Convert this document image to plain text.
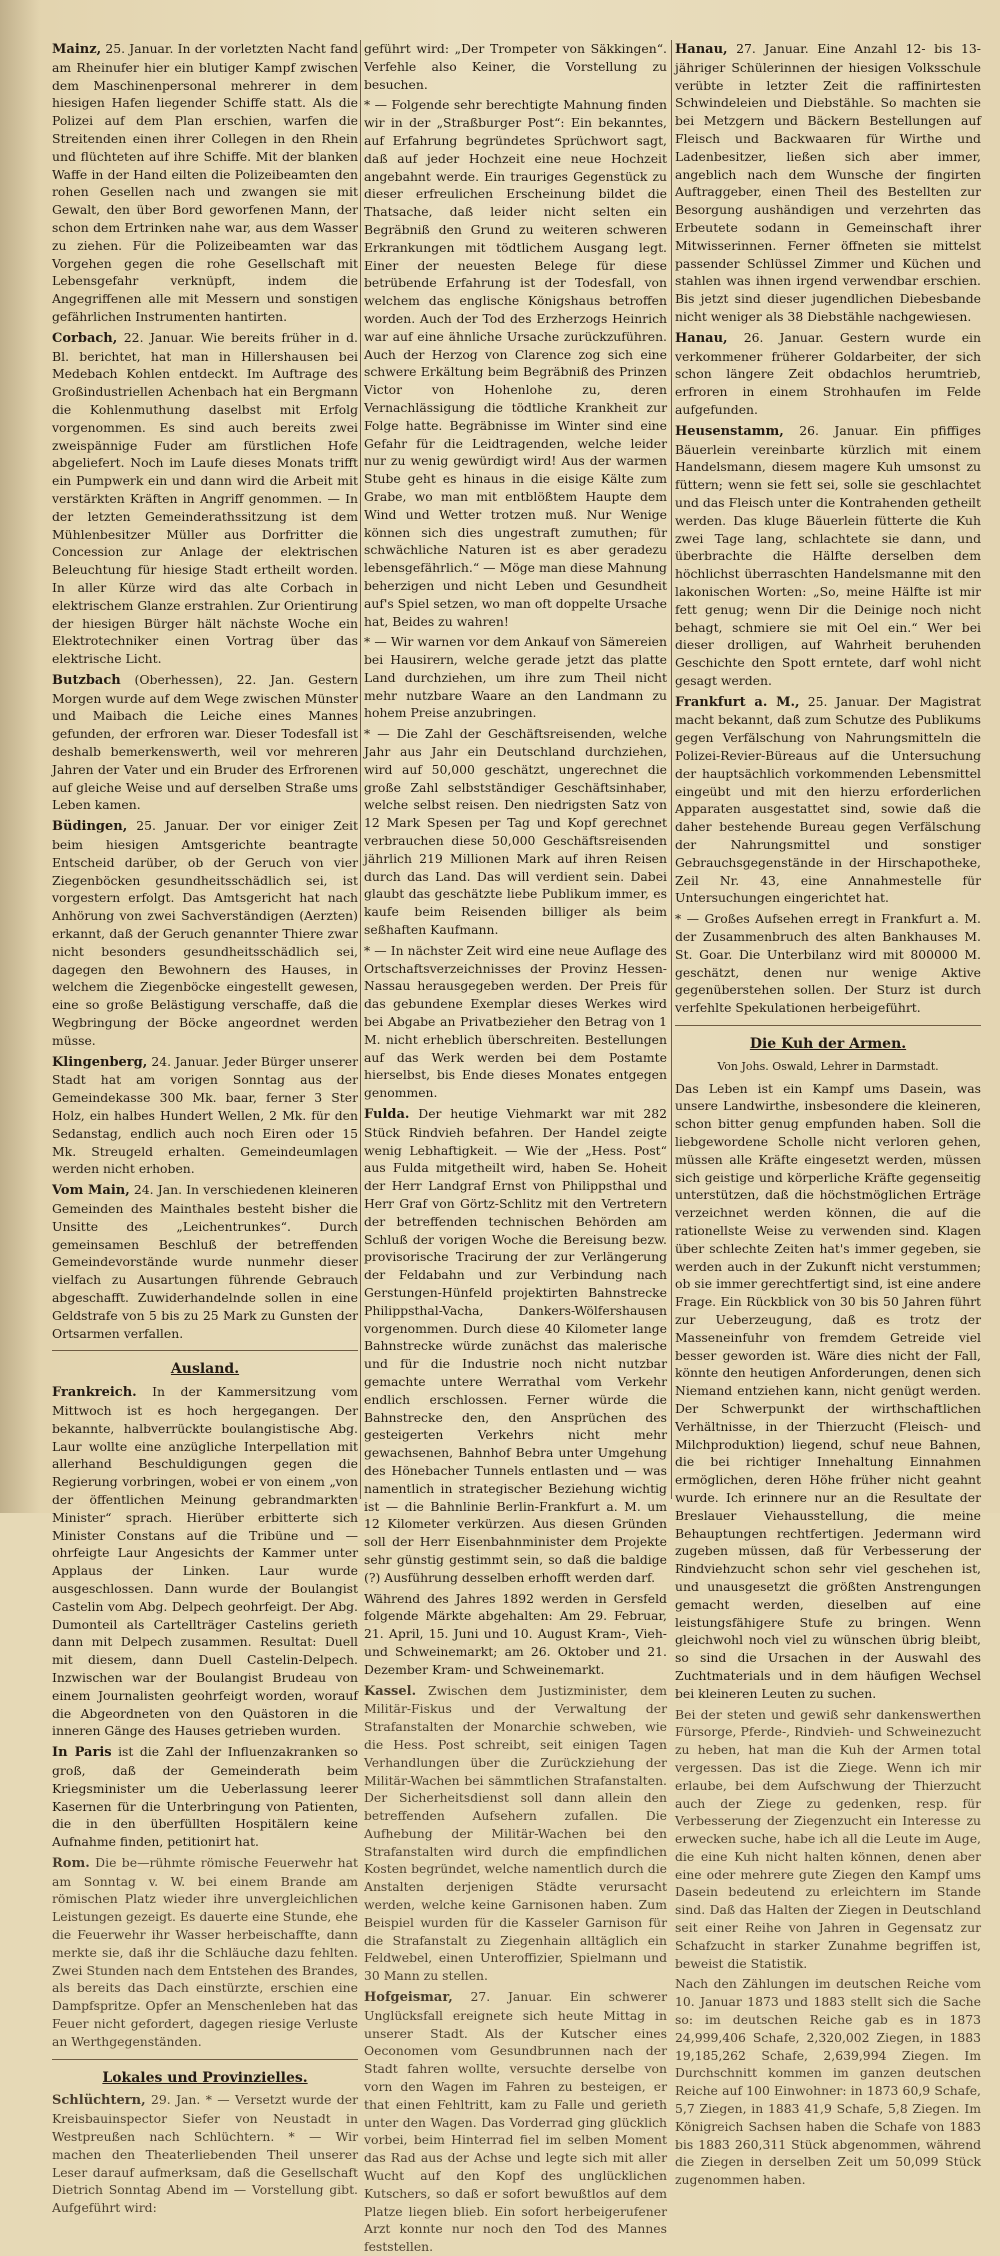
Mainz, 25. Januar. In der vorletzten Nacht fand am Rheinufer hier ein blutiger Kampf zwischen dem Maschinenpersonal mehrerer in dem hiesigen Hafen liegender Schiffe statt. Als die Polizei auf dem Plan erschien, warfen die Streitenden einen ihrer Collegen in den Rhein und flüchteten auf ihre Schiffe. Mit der blanken Waffe in der Hand eilten die Polizeibeamten den rohen Gesellen nach und zwangen sie mit Gewalt, den über Bord geworfenen Mann, der schon dem Ertrinken nahe war, aus dem Wasser zu ziehen. Für die Polizeibeamten war das Vorgehen gegen die rohe Gesellschaft mit Lebensgefahr verknüpft, indem die Angegriffenen alle mit Messern und sonstigen gefährlichen Instrumenten hantirten.

Corbach, 22. Januar. Wie bereits früher in d. Bl. berichtet, hat man in Hillershausen bei Medebach Kohlen entdeckt. Im Auftrage des Großindustriellen Achenbach hat ein Bergmann die Kohlenmuthung daselbst mit Erfolg vorgenommen. Es sind auch bereits zwei zweispännige Fuder am fürstlichen Hofe abgeliefert. Noch im Laufe dieses Monats trifft ein Pumpwerk ein und dann wird die Arbeit mit verstärkten Kräften in Angriff genommen. — In der letzten Gemeinderathssitzung ist dem Mühlenbesitzer Müller aus Dorfritter die Concession zur Anlage der elektrischen Beleuchtung für hiesige Stadt ertheilt worden. In aller Kürze wird das alte Corbach in elektrischem Glanze erstrahlen. Zur Orientirung der hiesigen Bürger hält nächste Woche ein Elektrotechniker einen Vortrag über das elektrische Licht.

Butzbach (Oberhessen), 22. Jan. Gestern Morgen wurde auf dem Wege zwischen Münster und Maibach die Leiche eines Mannes gefunden, der erfroren war. Dieser Todesfall ist deshalb bemerkenswerth, weil vor mehreren Jahren der Vater und ein Bruder des Erfrorenen auf gleiche Weise und auf derselben Straße ums Leben kamen.

Büdingen, 25. Januar. Der vor einiger Zeit beim hiesigen Amtsgerichte beantragte Entscheid darüber, ob der Geruch von vier Ziegenböcken gesundheitsschädlich sei, ist vorgestern erfolgt. Das Amtsgericht hat nach Anhörung von zwei Sachverständigen (Aerzten) erkannt, daß der Geruch genannter Thiere zwar nicht besonders gesundheitsschädlich sei, dagegen den Bewohnern des Hauses, in welchem die Ziegenböcke eingestellt gewesen, eine so große Belästigung verschaffe, daß die Wegbringung der Böcke angeordnet werden müsse.

Klingenberg, 24. Januar. Jeder Bürger unserer Stadt hat am vorigen Sonntag aus der Gemeindekasse 300 Mk. baar, ferner 3 Ster Holz, ein halbes Hundert Wellen, 2 Mk. für den Sedanstag, endlich auch noch Eiren oder 15 Mk. Streugeld erhalten. Gemeindeumlagen werden nicht erhoben.

Vom Main, 24. Jan. In verschiedenen kleineren Gemeinden des Mainthales besteht bisher die Unsitte des „Leichentrunkes“. Durch gemeinsamen Beschluß der betreffenden Gemeindevorstände wurde nunmehr dieser vielfach zu Ausartungen führende Gebrauch abgeschafft. Zuwiderhandelnde sollen in eine Geldstrafe von 5 bis zu 25 Mark zu Gunsten der Ortsarmen verfallen.

Ausland.

Frankreich. In der Kammersitzung vom Mittwoch ist es hoch hergegangen. Der bekannte, halbverrückte boulangistische Abg. Laur wollte eine anzügliche Interpellation mit allerhand Beschuldigungen gegen die Regierung vorbringen, wobei er von einem „von der öffentlichen Meinung gebrandmarkten Minister“ sprach. Hierüber erbitterte sich Minister Constans auf die Tribüne und — ohrfeigte Laur Angesichts der Kammer unter Applaus der Linken. Laur wurde ausgeschlossen. Dann wurde der Boulangist Castelin vom Abg. Delpech geohrfeigt. Der Abg. Dumonteil als Cartellträger Castelins gerieth dann mit Delpech zusammen. Resultat: Duell mit diesem, dann Duell Castelin-Delpech. Inzwischen war der Boulangist Brudeau von einem Journalisten geohrfeigt worden, worauf die Abgeordneten von den Quästoren in die inneren Gänge des Hauses getrieben wurden.

In Paris ist die Zahl der Influenzakranken so groß, daß der Gemeinderath beim Kriegsminister um die Ueberlassung leerer Kasernen für die Unterbringung von Patienten, die in den überfüllten Hospitälern keine Aufnahme finden, petitionirt hat.

Rom. Die be—rühmte römische Feuerwehr hat am Sonntag v. W. bei einem Brande am römischen Platz wieder ihre unvergleichlichen Leistungen gezeigt. Es dauerte eine Stunde, ehe die Feuerwehr ihr Wasser herbeischaffte, dann merkte sie, daß ihr die Schläuche dazu fehlten. Zwei Stunden nach dem Entstehen des Brandes, als bereits das Dach einstürzte, erschien eine Dampfspritze. Opfer an Menschenleben hat das Feuer nicht gefordert, dagegen riesige Verluste an Werthgegenständen.

Lokales und Provinzielles.

Schlüchtern, 29. Jan. * — Versetzt wurde der Kreisbauinspector Siefer von Neustadt in Westpreußen nach Schlüchtern. * — Wir machen den Theaterliebenden Theil unserer Leser darauf aufmerksam, daß die Gesellschaft Dietrich Sonntag Abend im — Vorstellung gibt. Aufgeführt wird:

geführt wird: „Der Trompeter von Säkkingen“. Verfehle also Keiner, die Vorstellung zu besuchen.

* — Folgende sehr berechtigte Mahnung finden wir in der „Straßburger Post“: Ein bekanntes, auf Erfahrung begründetes Sprüchwort sagt, daß auf jeder Hochzeit eine neue Hochzeit angebahnt werde. Ein trauriges Gegenstück zu dieser erfreulichen Erscheinung bildet die Thatsache, daß leider nicht selten ein Begräbniß den Grund zu weiteren schweren Erkrankungen mit tödtlichem Ausgang legt. Einer der neuesten Belege für diese betrübende Erfahrung ist der Todesfall, von welchem das englische Königshaus betroffen worden. Auch der Tod des Erzherzogs Heinrich war auf eine ähnliche Ursache zurückzuführen. Auch der Herzog von Clarence zog sich eine schwere Erkältung beim Begräbniß des Prinzen Victor von Hohenlohe zu, deren Vernachlässigung die tödtliche Krankheit zur Folge hatte. Begräbnisse im Winter sind eine Gefahr für die Leidtragenden, welche leider nur zu wenig gewürdigt wird! Aus der warmen Stube geht es hinaus in die eisige Kälte zum Grabe, wo man mit entblößtem Haupte dem Wind und Wetter trotzen muß. Nur Wenige können sich dies ungestraft zumuthen; für schwächliche Naturen ist es aber geradezu lebensgefährlich.“ — Möge man diese Mahnung beherzigen und nicht Leben und Gesundheit auf's Spiel setzen, wo man oft doppelte Ursache hat, Beides zu wahren!

* — Wir warnen vor dem Ankauf von Sämereien bei Hausirern, welche gerade jetzt das platte Land durchziehen, um ihre zum Theil nicht mehr nutzbare Waare an den Landmann zu hohem Preise anzubringen.

* — Die Zahl der Geschäftsreisenden, welche Jahr aus Jahr ein Deutschland durchziehen, wird auf 50,000 geschätzt, ungerechnet die große Zahl selbstständiger Geschäftsinhaber, welche selbst reisen. Den niedrigsten Satz von 12 Mark Spesen per Tag und Kopf gerechnet verbrauchen diese 50,000 Geschäftsreisenden jährlich 219 Millionen Mark auf ihren Reisen durch das Land. Das will verdient sein. Dabei glaubt das geschätzte liebe Publikum immer, es kaufe beim Reisenden billiger als beim seßhaften Kaufmann.

* — In nächster Zeit wird eine neue Auflage des Ortschaftsverzeichnisses der Provinz Hessen-Nassau herausgegeben werden. Der Preis für das gebundene Exemplar dieses Werkes wird bei Abgabe an Privatbezieher den Betrag von 1 M. nicht erheblich überschreiten. Bestellungen auf das Werk werden bei dem Postamte hierselbst, bis Ende dieses Monates entgegen genommen.

Fulda. Der heutige Viehmarkt war mit 282 Stück Rindvieh befahren. Der Handel zeigte wenig Lebhaftigkeit. — Wie der „Hess. Post“ aus Fulda mitgetheilt wird, haben Se. Hoheit der Herr Landgraf Ernst von Philippsthal und Herr Graf von Görtz-Schlitz mit den Vertretern der betreffenden technischen Behörden am Schluß der vorigen Woche die Bereisung bezw. provisorische Tracirung der zur Verlängerung der Feldabahn und zur Verbindung nach Gerstungen-Hünfeld projektirten Bahnstrecke Philippsthal-Vacha, Dankers-Wölfershausen vorgenommen. Durch diese 40 Kilometer lange Bahnstrecke würde zunächst das malerische und für die Industrie noch nicht nutzbar gemachte untere Werrathal vom Verkehr endlich erschlossen. Ferner würde die Bahnstrecke den, den Ansprüchen des gesteigerten Verkehrs nicht mehr gewachsenen, Bahnhof Bebra unter Umgehung des Hönebacher Tunnels entlasten und — was namentlich in strategischer Beziehung wichtig ist — die Bahnlinie Berlin-Frankfurt a. M. um 12 Kilometer verkürzen. Aus diesen Gründen soll der Herr Eisenbahnminister dem Projekte sehr günstig gestimmt sein, so daß die baldige (?) Ausführung desselben erhofft werden darf.

Während des Jahres 1892 werden in Gersfeld folgende Märkte abgehalten: Am 29. Februar, 21. April, 15. Juni und 10. August Kram-, Vieh- und Schweinemarkt; am 26. Oktober und 21. Dezember Kram- und Schweinemarkt.

Kassel. Zwischen dem Justizminister, dem Militär-Fiskus und der Verwaltung der Strafanstalten der Monarchie schweben, wie die Hess. Post schreibt, seit einigen Tagen Verhandlungen über die Zurückziehung der Militär-Wachen bei sämmtlichen Strafanstalten. Der Sicherheitsdienst soll dann allein den betreffenden Aufsehern zufallen. Die Aufhebung der Militär-Wachen bei den Strafanstalten wird durch die empfindlichen Kosten begründet, welche namentlich durch die Anstalten derjenigen Städte verursacht werden, welche keine Garnisonen haben. Zum Beispiel wurden für die Kasseler Garnison für die Strafanstalt zu Ziegenhain alltäglich ein Feldwebel, einen Unteroffizier, Spielmann und 30 Mann zu stellen.

Hofgeismar, 27. Januar. Ein schwerer Unglücksfall ereignete sich heute Mittag in unserer Stadt. Als der Kutscher eines Oeconomen vom Gesundbrunnen nach der Stadt fahren wollte, versuchte derselbe von vorn den Wagen im Fahren zu besteigen, er that einen Fehltritt, kam zu Falle und gerieth unter den Wagen. Das Vorderrad ging glücklich vorbei, beim Hinterrad fiel im selben Moment das Rad aus der Achse und legte sich mit aller Wucht auf den Kopf des unglücklichen Kutschers, so daß er sofort bewußtlos auf dem Platze liegen blieb. Ein sofort herbeigerufener Arzt konnte nur noch den Tod des Mannes feststellen.

Hanau, 27. Januar. Eine Anzahl 12- bis 13-jähriger Schülerinnen der hiesigen Volksschule verübte in letzter Zeit die raffinirtesten Schwindeleien und Diebstähle. So machten sie bei Metzgern und Bäckern Bestellungen auf Fleisch und Backwaaren für Wirthe und Ladenbesitzer, ließen sich aber immer, angeblich nach dem Wunsche der fingirten Auftraggeber, einen Theil des Bestellten zur Besorgung aushändigen und verzehrten das Erbeutete sodann in Gemeinschaft ihrer Mitwisserinnen. Ferner öffneten sie mittelst passender Schlüssel Zimmer und Küchen und stahlen was ihnen irgend verwendbar erschien. Bis jetzt sind dieser jugendlichen Diebesbande nicht weniger als 38 Diebstähle nachgewiesen.

Hanau, 26. Januar. Gestern wurde ein verkommener früherer Goldarbeiter, der sich schon längere Zeit obdachlos herumtrieb, erfroren in einem Strohhaufen im Felde aufgefunden.

Heusenstamm, 26. Januar. Ein pfiffiges Bäuerlein vereinbarte kürzlich mit einem Handelsmann, diesem magere Kuh umsonst zu füttern; wenn sie fett sei, solle sie geschlachtet und das Fleisch unter die Kontrahenden getheilt werden. Das kluge Bäuerlein fütterte die Kuh zwei Tage lang, schlachtete sie dann, und überbrachte die Hälfte derselben dem höchlichst überraschten Handelsmanne mit den lakonischen Worten: „So, meine Hälfte ist mir fett genug; wenn Dir die Deinige noch nicht behagt, schmiere sie mit Oel ein.“ Wer bei dieser drolligen, auf Wahrheit beruhenden Geschichte den Spott erntete, darf wohl nicht gesagt werden.

Frankfurt a. M., 25. Januar. Der Magistrat macht bekannt, daß zum Schutze des Publikums gegen Verfälschung von Nahrungsmitteln die Polizei-Revier-Büreaus auf die Untersuchung der hauptsächlich vorkommenden Lebensmittel eingeübt und mit den hierzu erforderlichen Apparaten ausgestattet sind, sowie daß die daher bestehende Bureau gegen Verfälschung der Nahrungsmittel und sonstiger Gebrauchsgegenstände in der Hirschapotheke, Zeil Nr. 43, eine Annahmestelle für Untersuchungen eingerichtet hat.

* — Großes Aufsehen erregt in Frankfurt a. M. der Zusammenbruch des alten Bankhauses M. St. Goar. Die Unterbilanz wird mit 800000 M. geschätzt, denen nur wenige Aktive gegenüberstehen sollen. Der Sturz ist durch verfehlte Spekulationen herbeigeführt.

Die Kuh der Armen.
Von Johs. Oswald, Lehrer in Darmstadt.

Das Leben ist ein Kampf ums Dasein, was unsere Landwirthe, insbesondere die kleineren, schon bitter genug empfunden haben. Soll die liebgewordene Scholle nicht verloren gehen, müssen alle Kräfte eingesetzt werden, müssen sich geistige und körperliche Kräfte gegenseitig unterstützen, daß die höchstmöglichen Erträge verzeichnet werden können, die auf die rationellste Weise zu verwenden sind. Klagen über schlechte Zeiten hat's immer gegeben, sie werden auch in der Zukunft nicht verstummen; ob sie immer gerechtfertigt sind, ist eine andere Frage. Ein Rückblick von 30 bis 50 Jahren führt zur Ueberzeugung, daß es trotz der Masseneinfuhr von fremdem Getreide viel besser geworden ist. Wäre dies nicht der Fall, könnte den heutigen Anforderungen, denen sich Niemand entziehen kann, nicht genügt werden. Der Schwerpunkt der wirthschaftlichen Verhältnisse, in der Thierzucht (Fleisch- und Milchproduktion) liegend, schuf neue Bahnen, die bei richtiger Innehaltung Einnahmen ermöglichen, deren Höhe früher nicht geahnt wurde. Ich erinnere nur an die Resultate der Breslauer Viehausstellung, die meine Behauptungen rechtfertigen. Jedermann wird zugeben müssen, daß für Verbesserung der Rindviehzucht schon sehr viel geschehen ist, und unausgesetzt die größten Anstrengungen gemacht werden, dieselben auf eine leistungsfähigere Stufe zu bringen. Wenn gleichwohl noch viel zu wünschen übrig bleibt, so sind die Ursachen in der Auswahl des Zuchtmaterials und in dem häufigen Wechsel bei kleineren Leuten zu suchen.

Bei der steten und gewiß sehr dankenswerthen Fürsorge, Pferde-, Rindvieh- und Schweinezucht zu heben, hat man die Kuh der Armen total vergessen. Das ist die Ziege. Wenn ich mir erlaube, bei dem Aufschwung der Thierzucht auch der Ziege zu gedenken, resp. für Verbesserung der Ziegenzucht ein Interesse zu erwecken suche, habe ich all die Leute im Auge, die eine Kuh nicht halten können, denen aber eine oder mehrere gute Ziegen den Kampf ums Dasein bedeutend zu erleichtern im Stande sind. Daß das Halten der Ziegen in Deutschland seit einer Reihe von Jahren in Gegensatz zur Schafzucht in starker Zunahme begriffen ist, beweist die Statistik.

Nach den Zählungen im deutschen Reiche vom 10. Januar 1873 und 1883 stellt sich die Sache so: im deutschen Reiche gab es in 1873 24,999,406 Schafe, 2,320,002 Ziegen, in 1883 19,185,262 Schafe, 2,639,994 Ziegen. Im Durchschnitt kommen im ganzen deutschen Reiche auf 100 Einwohner: in 1873 60,9 Schafe, 5,7 Ziegen, in 1883 41,9 Schafe, 5,8 Ziegen. Im Königreich Sachsen haben die Schafe von 1883 bis 1883 260,311 Stück abgenommen, während die Ziegen in derselben Zeit um 50,099 Stück zugenommen haben.
